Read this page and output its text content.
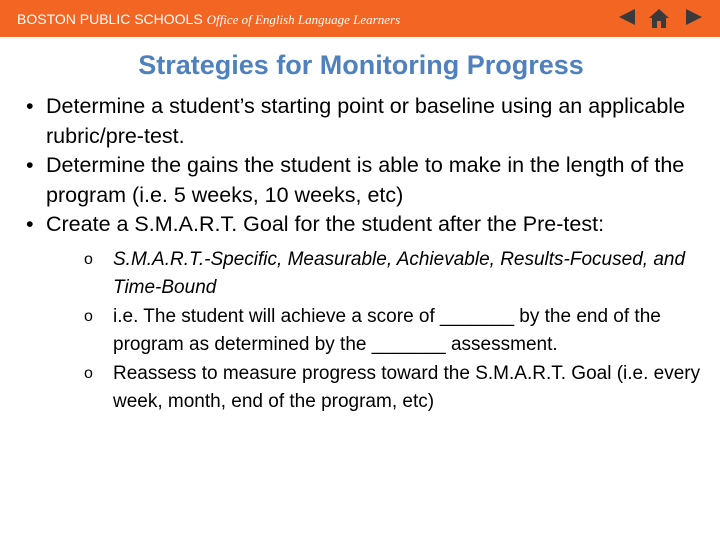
BOSTON PUBLIC SCHOOLS Office of English Language Learners
Strategies for Monitoring Progress
• Determine a student’s starting point or baseline using an applicable rubric/pre-test.
• Determine the gains the student is able to make in the length of the program (i.e. 5 weeks, 10 weeks, etc)
• Create a S.M.A.R.T. Goal for the student after the Pre-test:
o S.M.A.R.T.-Specific, Measurable, Achievable, Results-Focused, and Time-Bound
o i.e. The student will achieve a score of _______ by the end of the program as determined by the _______ assessment.
o Reassess to measure progress toward the S.M.A.R.T. Goal (i.e. every week, month, end of the program, etc)
